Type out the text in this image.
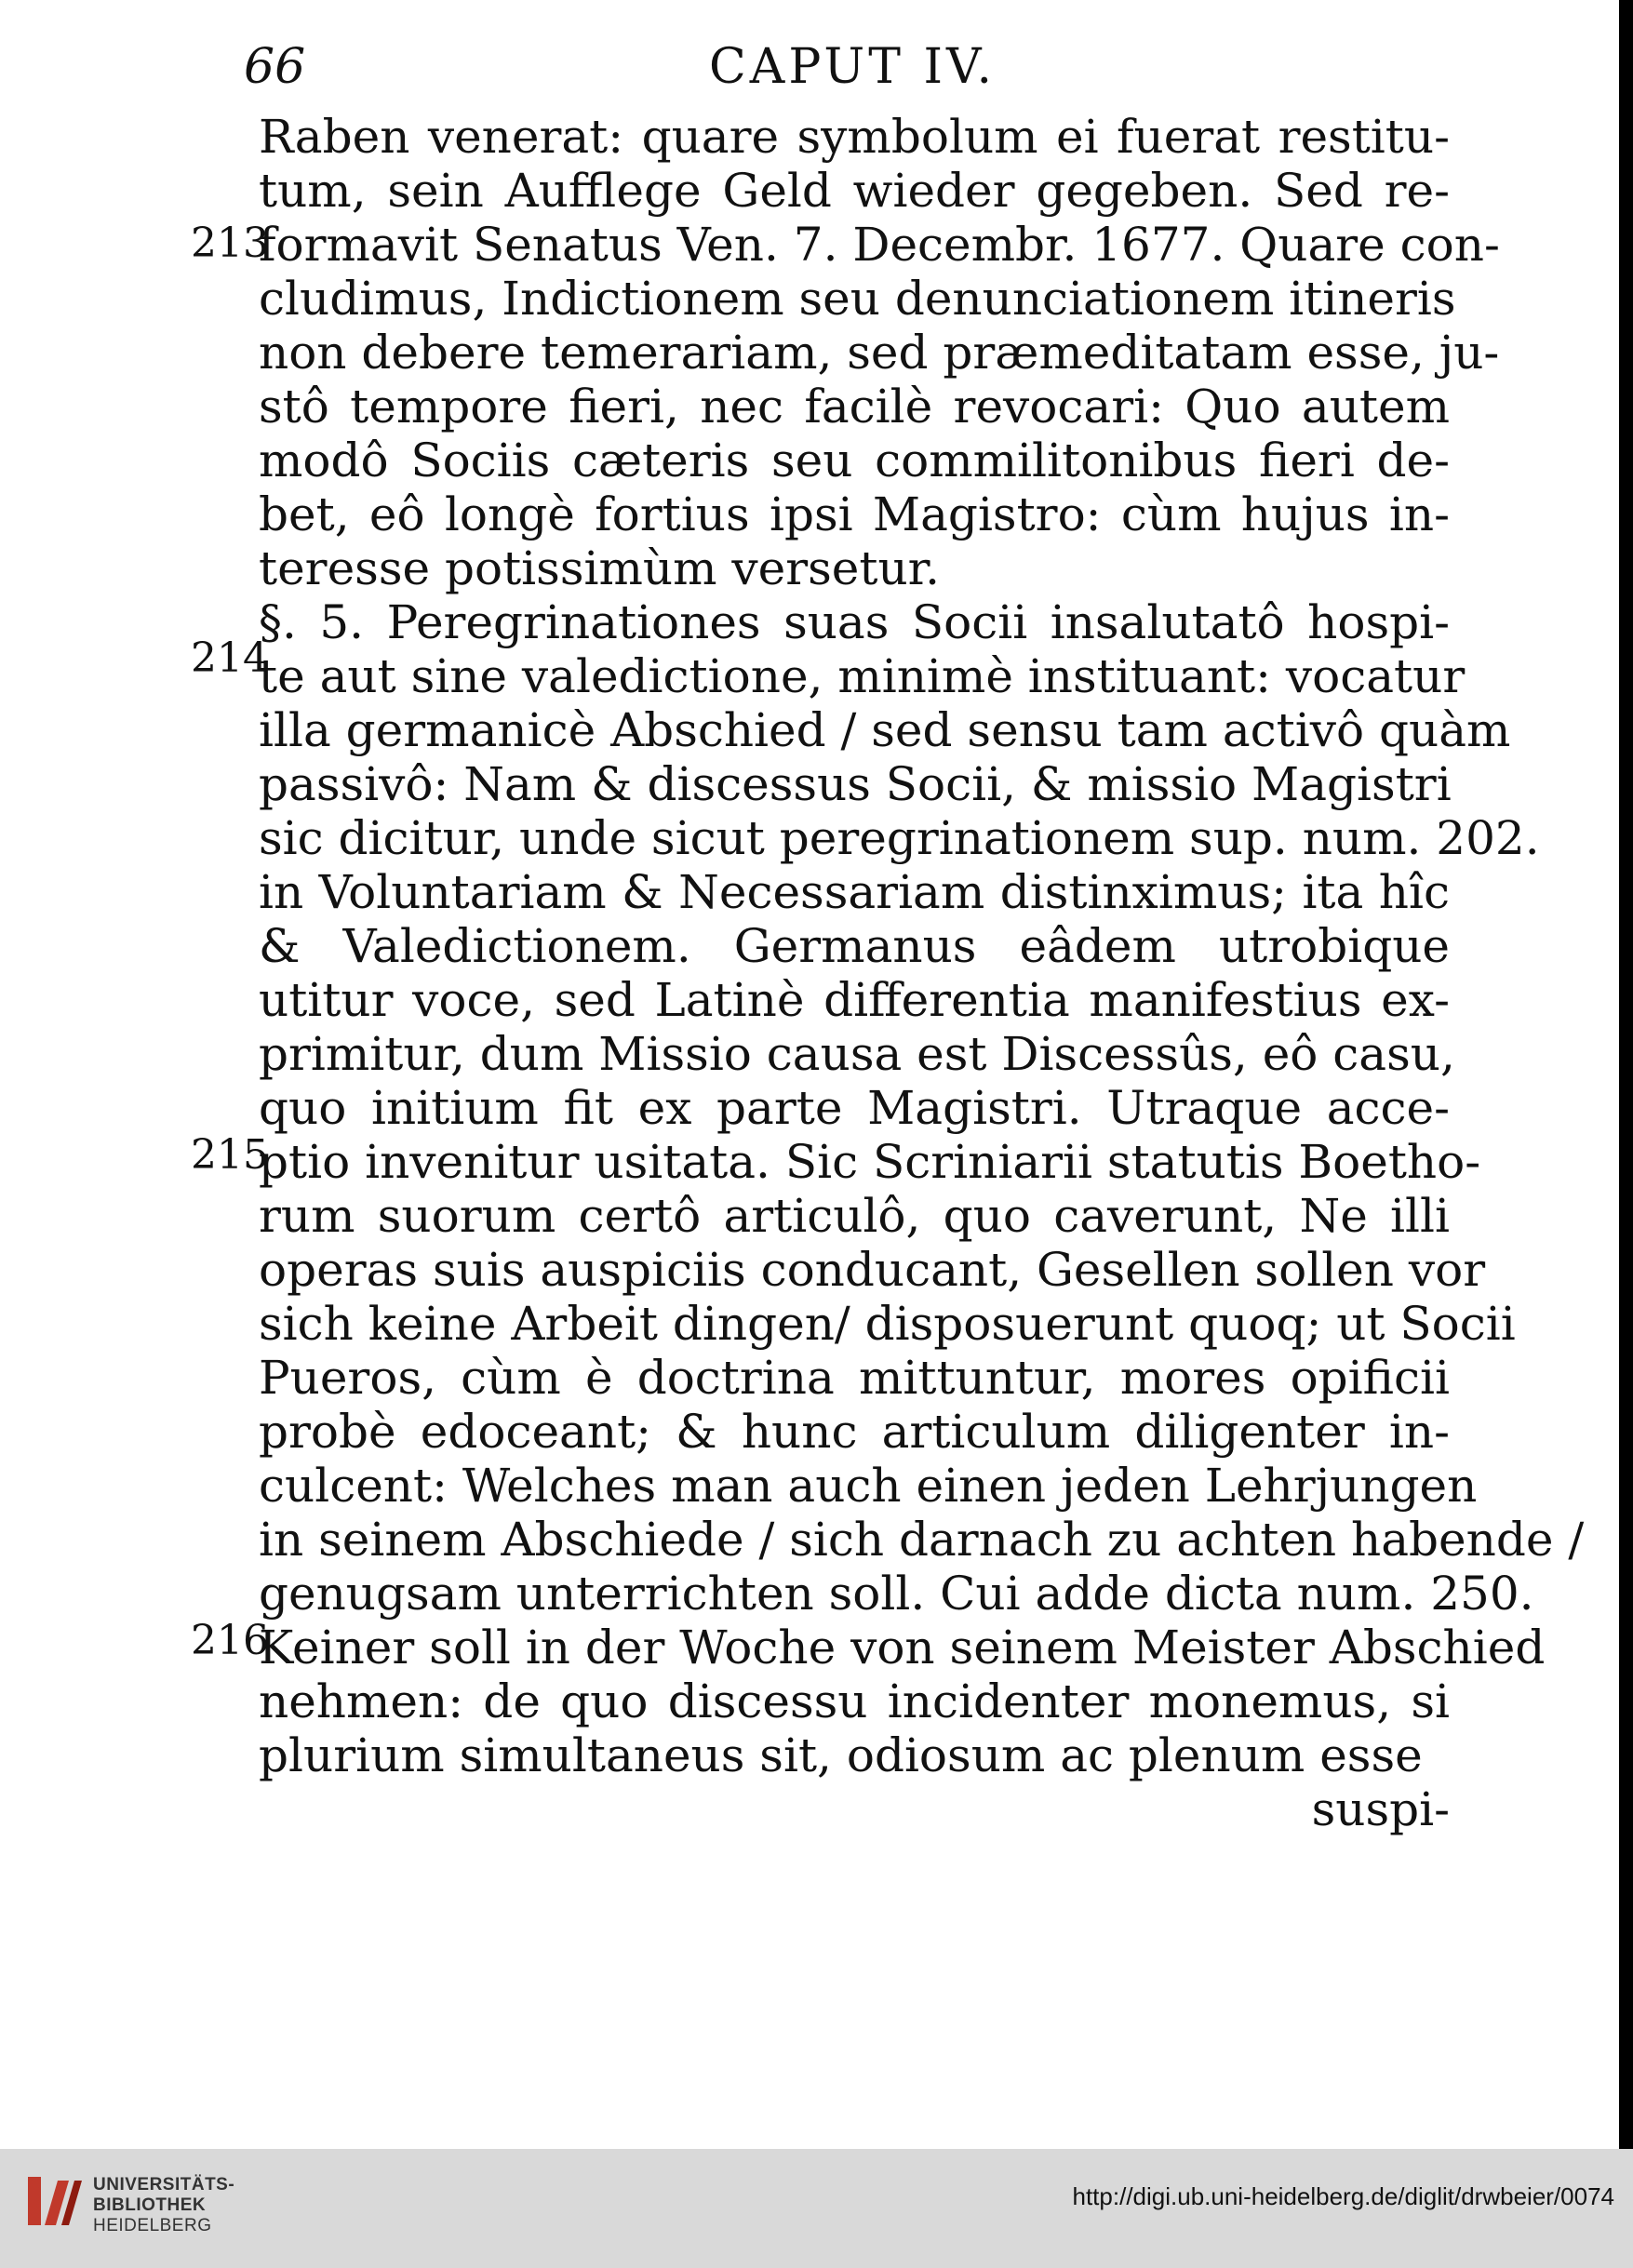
66	CAPUT IV.
Raben venerat: quare symbolum ei fuerat restitu-
tum, sein Aufflege Geld wieder gegeben. Sed re-
formavit Senatus Ven. 7. Decembr. 1677. Quare con-
cludimus, Indictionem seu denunciationem itineris
non debere temerariam, sed præmeditatam esse, ju-
stô tempore fieri, nec facilè revocari: Quo autem
modô Sociis cæteris seu commilitonibus fieri de-
bet, eô longè fortius ipsi Magistro: cùm hujus in-
teresse potissimùm versetur.
§. 5. Peregrinationes suas Socii insalutatô hospi-
te aut sine valedictione, minimè instituant: vocatur
illa germanicè Abschied / sed sensu tam activô quàm
passivô: Nam & discessus Socii, & missio Magistri
sic dicitur, unde sicut peregrinationem sup. num. 202.
in Voluntariam & Necessariam distinximus; ita hîc
& Valedictionem. Germanus eâdem utrobique
utitur voce, sed Latinè differentia manifestius ex-
primitur, dum Missio causa est Discessûs, eô casu,
quo initium fit ex parte Magistri. Utraque acce-
ptio invenitur usitata. Sic Scriniarii statutis Boetho-
rum suorum certô articulô, quo caverunt, Ne illi
operas suis auspiciis conducant, Gesellen sollen vor
sich keine Arbeit dingen/ disposuerunt quoq; ut Socii
Pueros, cùm è doctrina mittuntur, mores opificii
probè edoceant; & hunc articulum diligenter in-
culcent: Welches man auch einen jeden Lehrjungen
in seinem Abschiede / sich darnach zu achten habende /
genugsam unterrichten soll. Cui adde dicta num. 250.
Keiner soll in der Woche von seinem Meister Abschied
nehmen: de quo discessu incidenter monemus, si
plurium simultaneus sit, odiosum ac plenum esse
suspi-
213
214
215
216
UNIVERSITÄTS-
BIBLIOTHEK
HEIDELBERG
http://digi.ub.uni-heidelberg.de/diglit/drwbeier/0074
